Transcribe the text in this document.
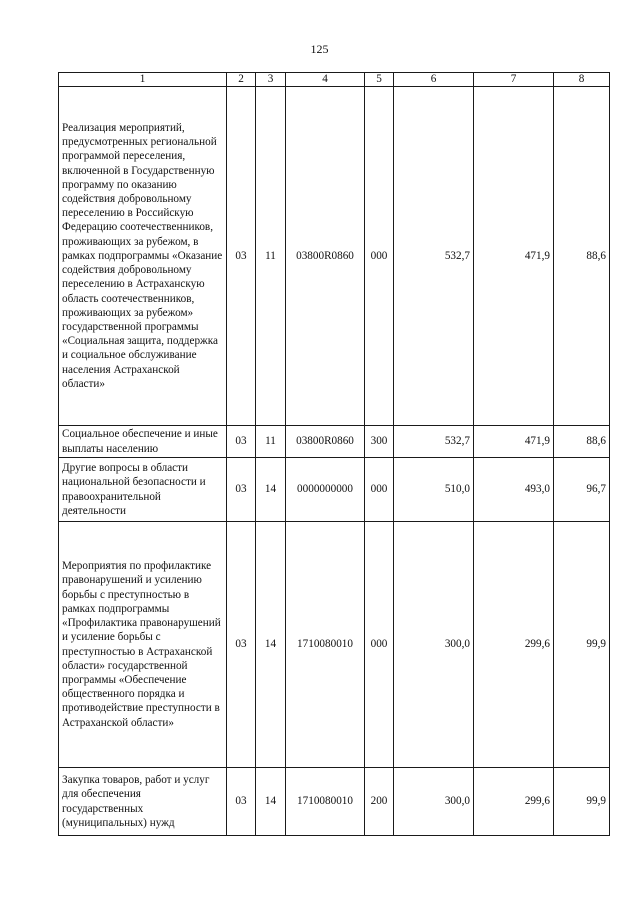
125
1	2	3	4	5	6	7	8
Реализация мероприятий, предусмотренных региональной программой переселения, включенной в Государственную программу по оказанию содействия добровольному переселению в Российскую Федерацию соотечественников, проживающих за рубежом, в рамках подпрограммы «Оказание содействия добровольному переселению в Астраханскую область соотечественников, проживающих за рубежом» государственной программы «Социальная защита, поддержка и социальное обслуживание населения Астраханской области»	03	11	03800R0860	000	532,7	471,9	88,6
Социальное обеспечение и иные выплаты населению	03	11	03800R0860	300	532,7	471,9	88,6
Другие вопросы в области национальной безопасности и правоохранительной деятельности	03	14	0000000000	000	510,0	493,0	96,7
Мероприятия по профилактике правонарушений и усилению борьбы с преступностью в рамках подпрограммы «Профилактика правонарушений и усиление борьбы с преступностью в Астраханской области» государственной программы «Обеспечение общественного порядка и противодействие преступности в Астраханской области»	03	14	1710080010	000	300,0	299,6	99,9
Закупка товаров, работ и услуг для обеспечения государственных (муниципальных) нужд	03	14	1710080010	200	300,0	299,6	99,9
